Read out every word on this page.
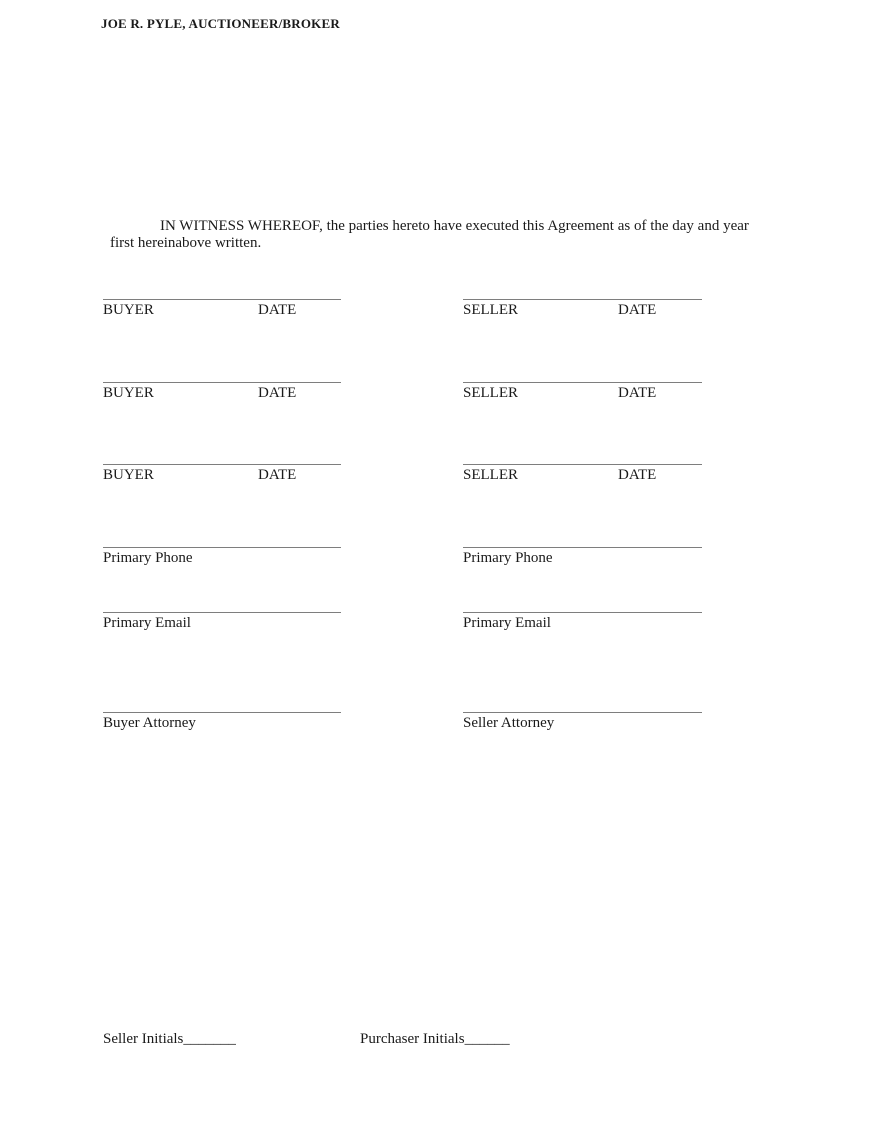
JOE R. PYLE, AUCTIONEER/BROKER

IN WITNESS WHEREOF, the parties hereto have executed this Agreement as of the day and year first hereinabove written.

BUYER	DATE	SELLER	DATE
BUYER	DATE	SELLER	DATE
BUYER	DATE	SELLER	DATE
Primary Phone	Primary Phone
Primary Email	Primary Email
Buyer Attorney	Seller Attorney
Seller Initials_______	Purchaser Initials______
